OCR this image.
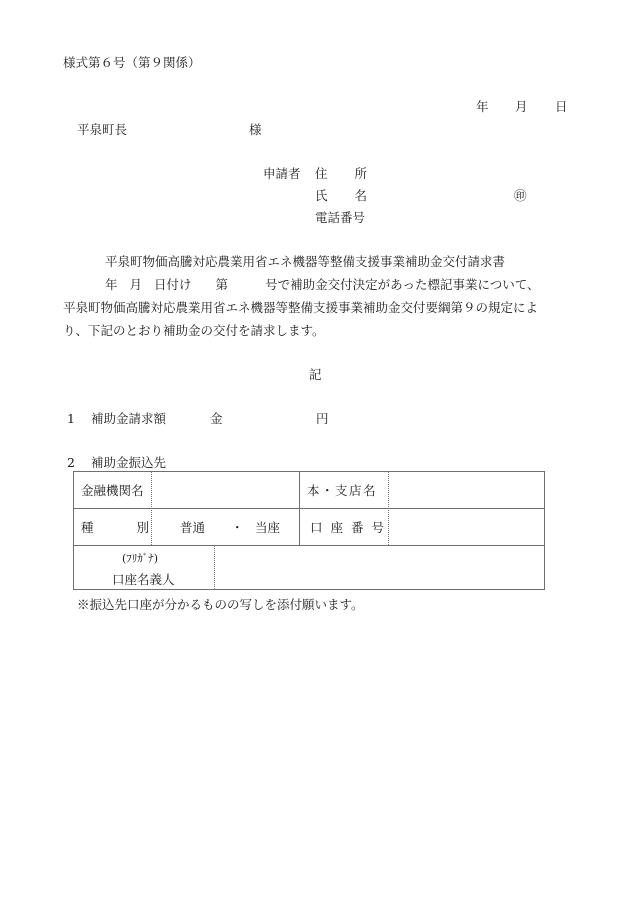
様式第６号（第９関係）
年 月 日
平泉町長	様
申請者 住 所
氏 名	㊞
電話番号
平泉町物価高騰対応農業用省エネ機器等整備支援事業補助金交付請求書
年 月 日付け 第	号で補助金交付決定があった標記事業について、
平泉町物価高騰対応農業用省エネ機器等整備支援事業補助金交付要綱第９の規定によ
り、下記のとおり補助金の交付を請求します。
記
1 補助金請求額	金	円
2 補助金振込先
金融機関名	本・支店名
種	別 普通 ・ 当座 口座番号
(ﾌﾘｶﾞﾅ)
口座名義人
※振込先口座が分かるものの写しを添付願います。
